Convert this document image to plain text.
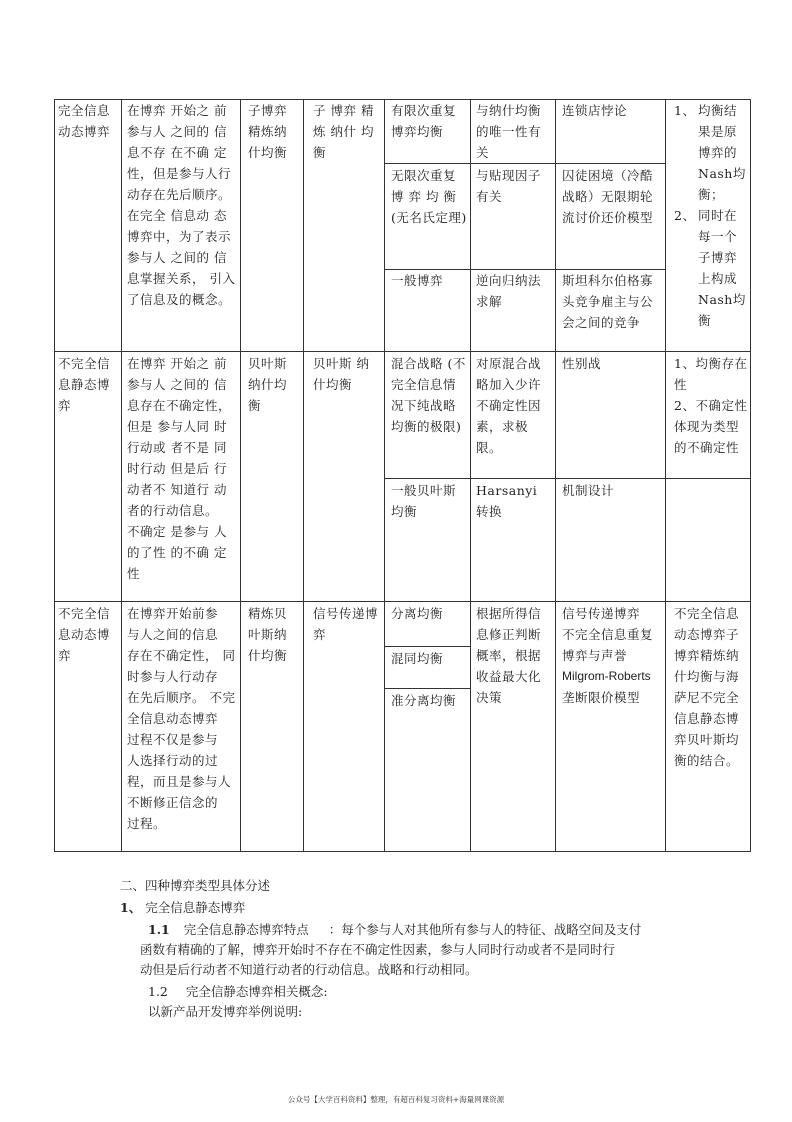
完全信息动态博弈
在博弈 开始之 前
参与人 之间的 信
息不存 在不确 定
性，但是参与人行
动存在先后顺序。
在完全 信息动 态
博弈中，为了表示
参与人 之间的 信
息掌握关系， 引入
了信息及的概念。
子博弈精炼纳什均衡
子 博弈 精炼 纳什 均衡
有限次重复博弈均衡
与纳什均衡的唯一性有关
连锁店悖论
无限次重复博 弈 均 衡 (无名氏定理)
与贴现因子有关
囚徒困境（冷酷战略）无限期轮流讨价还价模型
一般博弈	逆向归纳法求解
斯坦科尔伯格寡头竞争雇主与公会之间的竞争
1、 均衡结果是原博弈的Nash均衡；
2、 同时在每一个子博弈上构成Nash均衡
不完全信息静态博弈
在博弈 开始之 前
参与人 之间的 信
息存在不确定性，
但是 参与人同 时
行动或 者不是 同
时行动 但是后 行
动者不 知道行 动
者的行动信息。
不确定 是参与 人
的了性 的不确 定
性
贝叶斯纳什均衡
贝叶斯 纳什均衡
混合战略 (不完全信息情况下纯战略均衡的极限)
对原混合战略加入少许不确定性因素，求极限。
性别战
一般贝叶斯均衡
Harsanyi 转换
机制设计
1、均衡存在性
2、不确定性体现为类型的不确定性
不完全信息动态博弈
在博弈开始前参
与人之间的信息
存在不确定性， 同
时参与人行动存
在先后顺序。 不完
全信息动态博弈
过程不仅是参与
人选择行动的过
程，而且是参与人
不断修正信念的
过程。
精炼贝叶斯纳什均衡
信号传递博弈
分离均衡
混同均衡
准分离均衡
根据所得信息修正判断概率，根据收益最大化决策
信号传递博弈
不完全信息重复
博弈与声誉
Milgrom-Roberts
垄断限价模型
不完全信息动态博弈子博弈精炼纳什均衡与海萨尼不完全信息静态博弈贝叶斯均衡的结合。
二、四种博弈类型具体分述
1、 完全信息静态博弈
1.1 完全信息静态博弈特点 ：每个参与人对其他所有参与人的特征、战略空间及支付
函数有精确的了解，博弈开始时不存在不确定性因素，参与人同时行动或者不是同时行
动但是后行动者不知道行动者的行动信息。战略和行动相同。
1.2 完全信静态博弈相关概念:
以新产品开发博弈举例说明:
公众号【大学百科资料】整理，有超百科复习资料+海量网课资源
